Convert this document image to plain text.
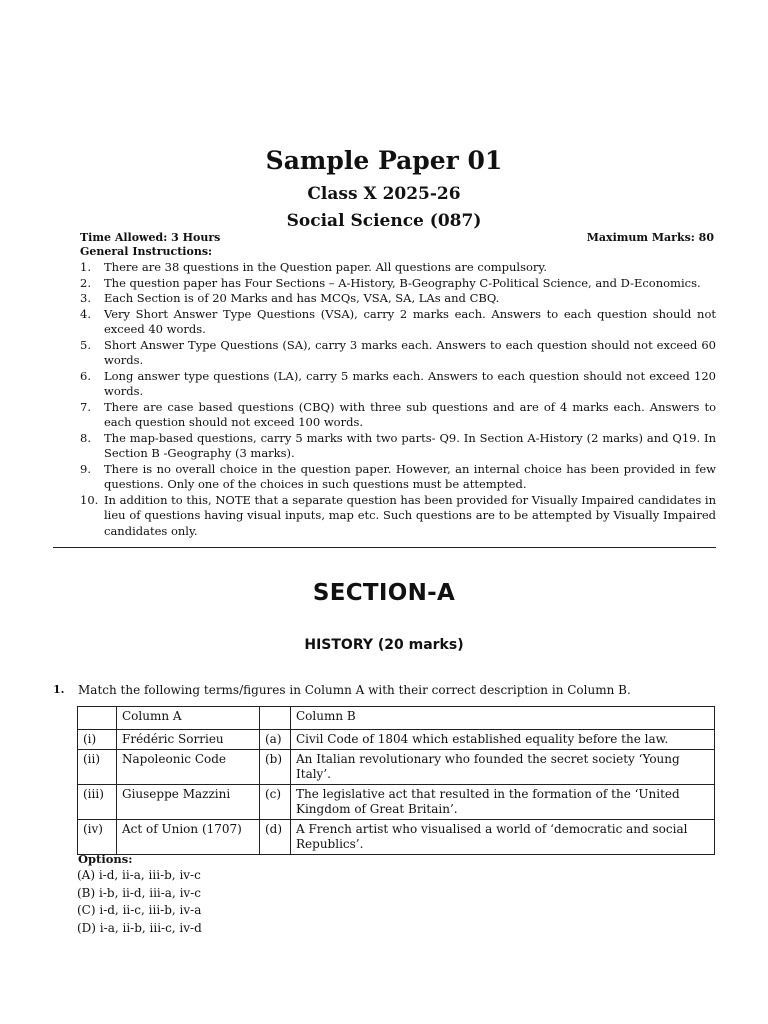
Sample Paper 01
Class X 2025-26
Social Science (087)
Time Allowed: 3 Hours	Maximum Marks: 80
General Instructions:
1.	There are 38 questions in the Question paper. All questions are compulsory.
2.	The question paper has Four Sections – A-History, B-Geography C-Political Science, and D-Economics.
3.	Each Section is of 20 Marks and has MCQs, VSA, SA, LAs and CBQ.
4.	Very Short Answer Type Questions (VSA), carry 2 marks each. Answers to each question should not exceed 40 words.
5.	Short Answer Type Questions (SA), carry 3 marks each. Answers to each question should not exceed 60 words.
6.	Long answer type questions (LA), carry 5 marks each. Answers to each question should not exceed 120 words.
7.	There are case based questions (CBQ) with three sub questions and are of 4 marks each. Answers to each question should not exceed 100 words.
8.	The map-based questions, carry 5 marks with two parts- Q9. In Section A-History (2 marks) and Q19. In Section B -Geography (3 marks).
9.	There is no overall choice in the question paper. However, an internal choice has been provided in few questions. Only one of the choices in such questions must be attempted.
10. In addition to this, NOTE that a separate question has been provided for Visually Impaired candidates in lieu of questions having visual inputs, map etc. Such questions are to be attempted by Visually Impaired candidates only.
SECTION-A
HISTORY (20 marks)
1. Match the following terms/figures in Column A with their correct description in Column B.
	Column A		Column B
(i)	Frédéric Sorrieu	(a)	Civil Code of 1804 which established equality before the law.
(ii)	Napoleonic Code	(b)	An Italian revolutionary who founded the secret society ‘Young Italy’.
(iii)	Giuseppe Mazzini	(c)	The legislative act that resulted in the formation of the ‘United Kingdom of Great Britain’.
(iv)	Act of Union (1707)	(d)	A French artist who visualised a world of ‘democratic and social Republics’.
Options:
(A) i-d, ii-a, iii-b, iv-c
(B) i-b, ii-d, iii-a, iv-c
(C) i-d, ii-c, iii-b, iv-a
(D) i-a, ii-b, iii-c, iv-d
